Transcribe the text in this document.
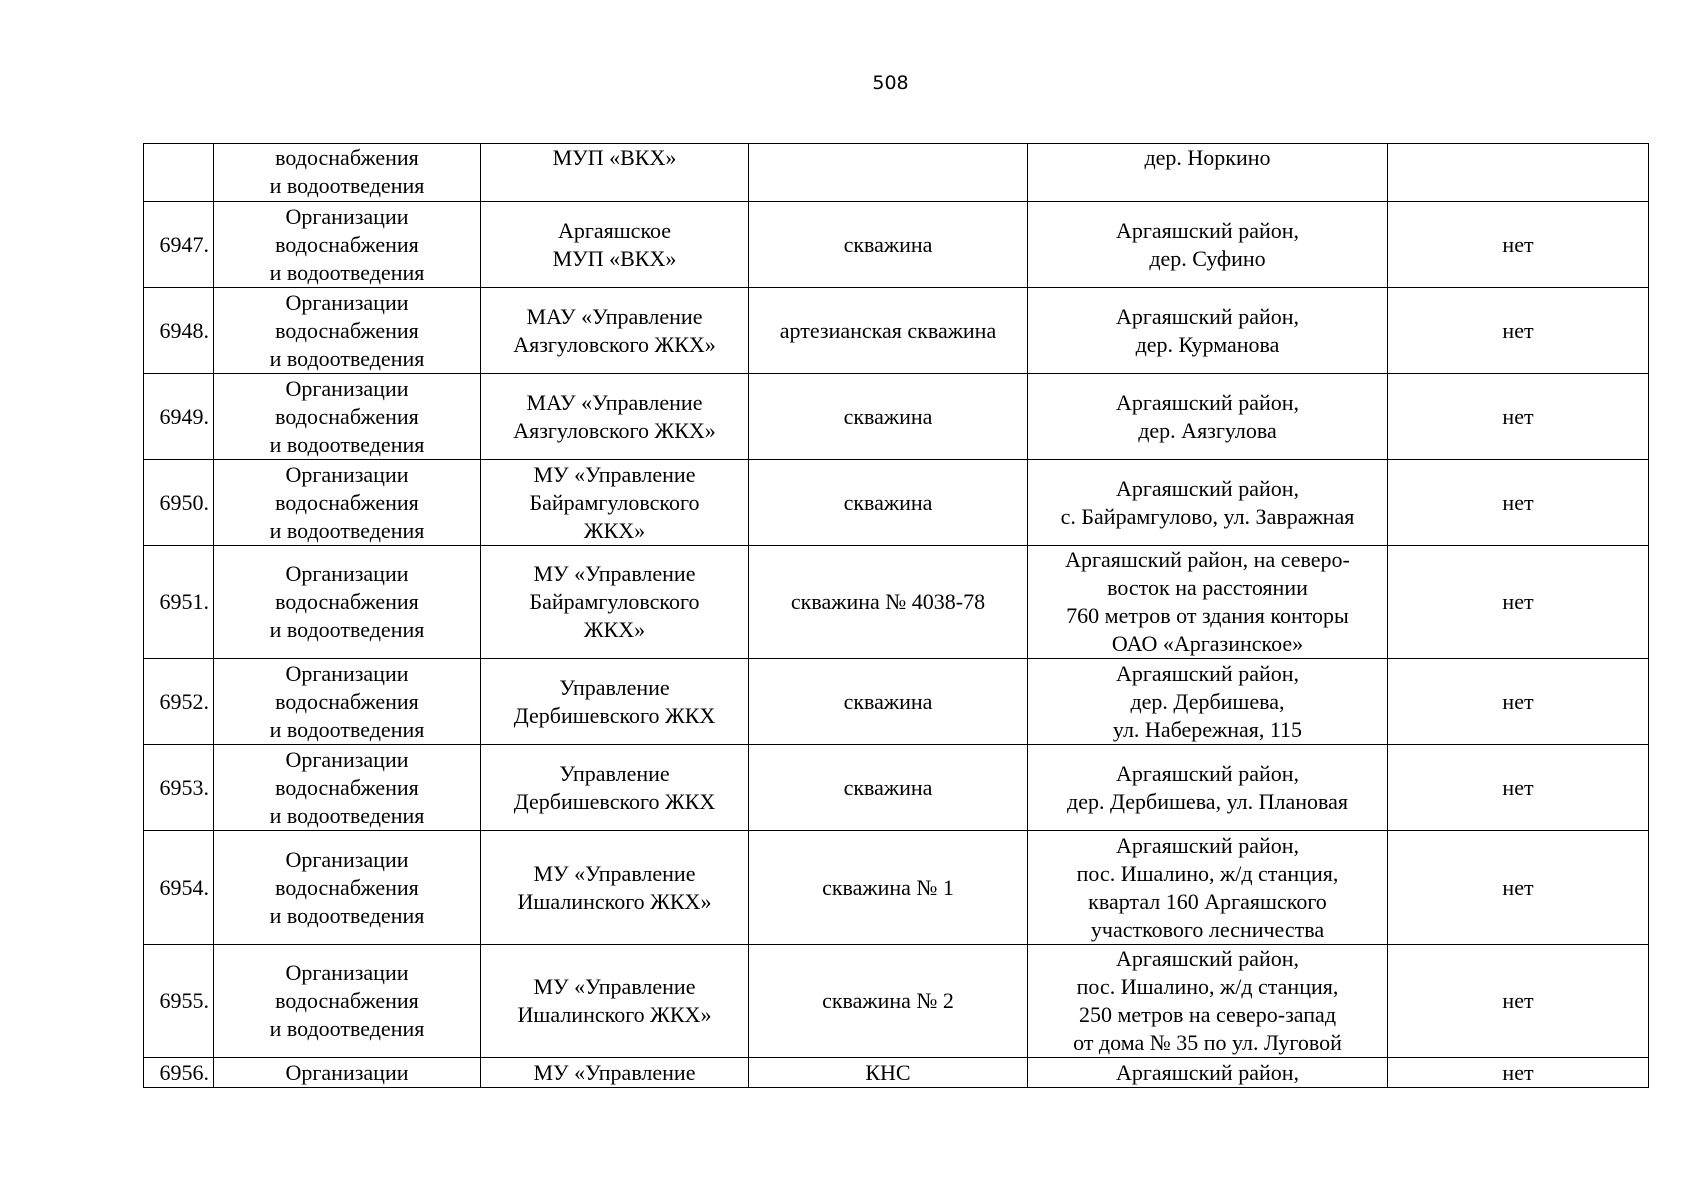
508
	водоснабжения
и водоотведения	МУП «ВКХ»		дер. Норкино	
6947.	Организации
водоснабжения
и водоотведения	Аргаяшское
МУП «ВКХ»	скважина	Аргаяшский район,
дер. Суфино	нет
6948.	Организации
водоснабжения
и водоотведения	МАУ «Управление
Аязгуловского ЖКХ»	артезианская скважина	Аргаяшский район,
дер. Курманова	нет
6949.	Организации
водоснабжения
и водоотведения	МАУ «Управление
Аязгуловского ЖКХ»	скважина	Аргаяшский район,
дер. Аязгулова	нет
6950.	Организации
водоснабжения
и водоотведения	МУ «Управление
Байрамгуловского
ЖКХ»	скважина	Аргаяшский район,
с. Байрамгулово, ул. Завражная	нет
6951.	Организации
водоснабжения
и водоотведения	МУ «Управление
Байрамгуловского
ЖКХ»	скважина № 4038-78	Аргаяшский район, на северо-
восток на расстоянии
760 метров от здания конторы
ОАО «Аргазинское»	нет
6952.	Организации
водоснабжения
и водоотведения	Управление
Дербишевского ЖКХ	скважина	Аргаяшский район,
дер. Дербишева,
ул. Набережная, 115	нет
6953.	Организации
водоснабжения
и водоотведения	Управление
Дербишевского ЖКХ	скважина	Аргаяшский район,
дер. Дербишева, ул. Плановая	нет
6954.	Организации
водоснабжения
и водоотведения	МУ «Управление
Ишалинского ЖКХ»	скважина № 1	Аргаяшский район,
пос. Ишалино, ж/д станция,
квартал 160 Аргаяшского
участкового лесничества	нет
6955.	Организации
водоснабжения
и водоотведения	МУ «Управление
Ишалинского ЖКХ»	скважина № 2	Аргаяшский район,
пос. Ишалино, ж/д станция,
250 метров на северо-запад
от дома № 35 по ул. Луговой	нет
6956.	Организации	МУ «Управление	КНС	Аргаяшский район,	нет
